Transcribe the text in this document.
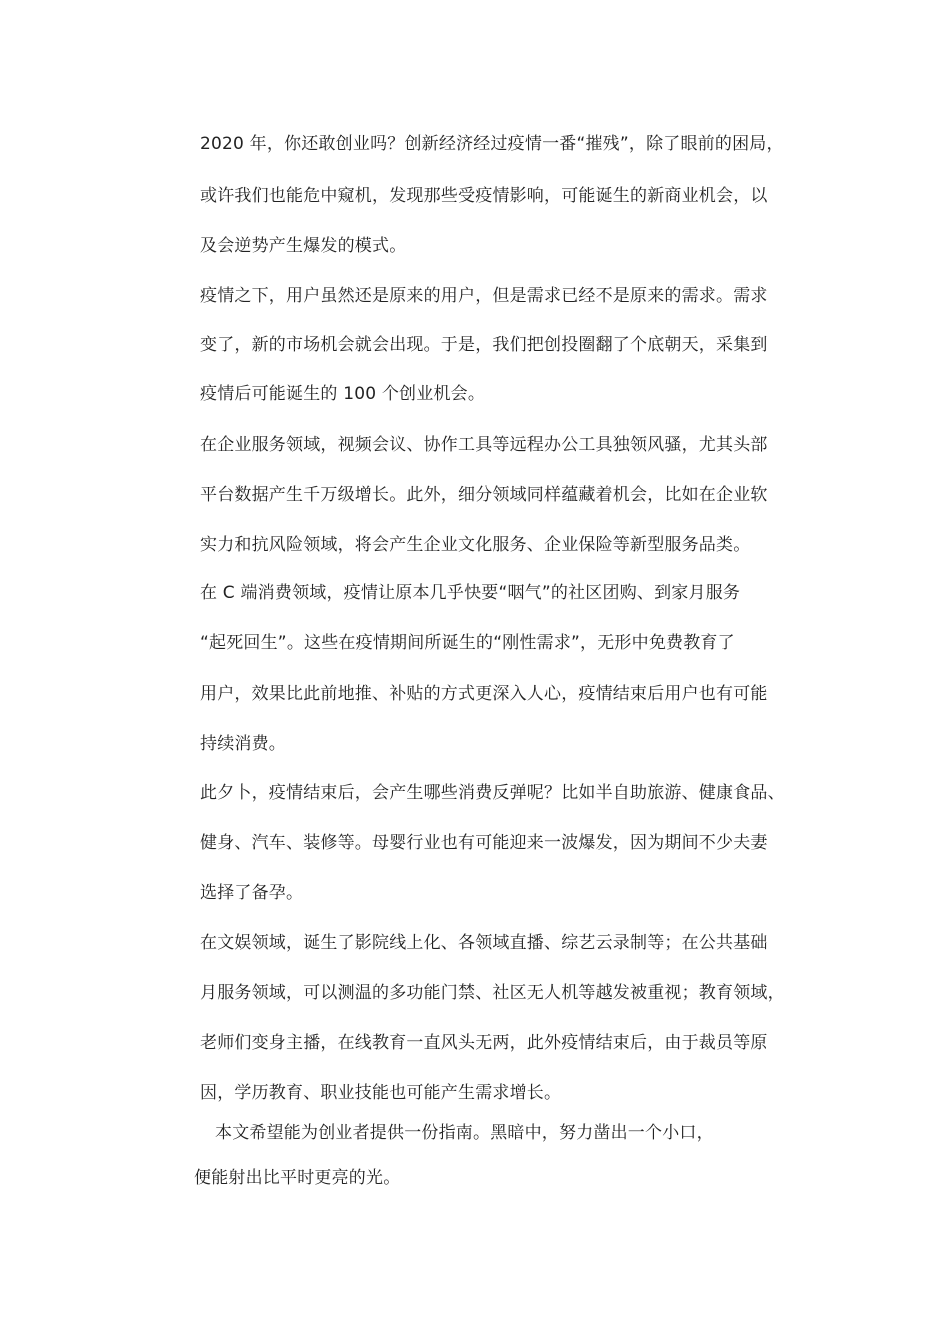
2020 年，你还敢创业吗？创新经济经过疫情一番“摧残”，除了眼前的困局，
或许我们也能危中窥机，发现那些受疫情影响，可能诞生的新商业机会，以
及会逆势产生爆发的模式。
疫情之下，用户虽然还是原来的用户，但是需求已经不是原来的需求。需求
变了，新的市场机会就会出现。于是，我们把创投圈翻了个底朝天，采集到
疫情后可能诞生的 100 个创业机会。
在企业服务领域，视频会议、协作工具等远程办公工具独领风骚，尤其头部
平台数据产生千万级增长。此外，细分领域同样蕴藏着机会，比如在企业软
实力和抗风险领域，将会产生企业文化服务、企业保险等新型服务品类。
在 C 端消费领域，疫情让原本几乎快要“咽气”的社区团购、到家月服务
“起死回生”。这些在疫情期间所诞生的“刚性需求”，无形中免费教育了
用户，效果比此前地推、补贴的方式更深入人心，疫情结束后用户也有可能
持续消费。
此夕卜，疫情结束后，会产生哪些消费反弹呢？比如半自助旅游、健康食品、
健身、汽车、装修等。母婴行业也有可能迎来一波爆发，因为期间不少夫妻
选择了备孕。
在文娱领域，诞生了影院线上化、各领域直播、综艺云录制等；在公共基础
月服务领域，可以测温的多功能门禁、社区无人机等越发被重视；教育领域，
老师们变身主播，在线教育一直风头无两，此外疫情结束后，由于裁员等原
因，学历教育、职业技能也可能产生需求增长。
本文希望能为创业者提供一份指南。黑暗中，努力凿出一个小口，
便能射出比平时更亮的光。
